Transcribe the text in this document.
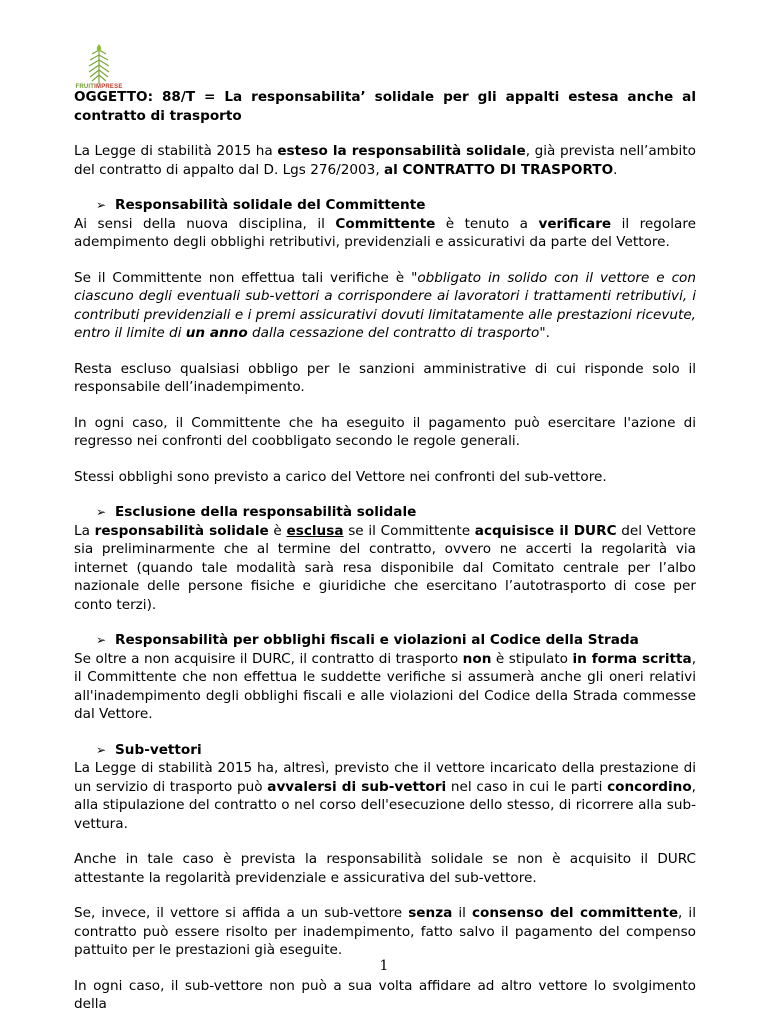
FRUITIMPRESE

OGGETTO: 88/T = La responsabilita’ solidale per gli appalti estesa anche al contratto di trasporto

La Legge di stabilità 2015 ha esteso la responsabilità solidale, già prevista nell’ambito del contratto di appalto dal D. Lgs 276/2003, al CONTRATTO DI TRASPORTO.

➢ Responsabilità solidale del Committente

Ai sensi della nuova disciplina, il Committente è tenuto a verificare il regolare adempimento degli obblighi retributivi, previdenziali e assicurativi da parte del Vettore.

Se il Committente non effettua tali verifiche è "obbligato in solido con il vettore e con ciascuno degli eventuali sub-vettori a corrispondere ai lavoratori i trattamenti retributivi, i contributi previdenziali e i premi assicurativi dovuti limitatamente alle prestazioni ricevute, entro il limite di un anno dalla cessazione del contratto di trasporto".

Resta escluso qualsiasi obbligo per le sanzioni amministrative di cui risponde solo il responsabile dell’inadempimento.

In ogni caso, il Committente che ha eseguito il pagamento può esercitare l'azione di regresso nei confronti del coobbligato secondo le regole generali.

Stessi obblighi sono previsto a carico del Vettore nei confronti del sub-vettore.

➢ Esclusione della responsabilità solidale

La responsabilità solidale è esclusa se il Committente acquisisce il DURC del Vettore sia preliminarmente che al termine del contratto, ovvero ne accerti la regolarità via internet (quando tale modalità sarà resa disponibile dal Comitato centrale per l’albo nazionale delle persone fisiche e giuridiche che esercitano l’autotrasporto di cose per conto terzi).

➢ Responsabilità per obblighi fiscali e violazioni al Codice della Strada

Se oltre a non acquisire il DURC, il contratto di trasporto non è stipulato in forma scritta, il Committente che non effettua le suddette verifiche si assumerà anche gli oneri relativi all'inadempimento degli obblighi fiscali e alle violazioni del Codice della Strada commesse dal Vettore.

➢ Sub-vettori

La Legge di stabilità 2015 ha, altresì, previsto che il vettore incaricato della prestazione di un servizio di trasporto può avvalersi di sub-vettori nel caso in cui le parti concordino, alla stipulazione del contratto o nel corso dell'esecuzione dello stesso, di ricorrere alla sub-vettura.

Anche in tale caso è prevista la responsabilità solidale se non è acquisito il DURC attestante la regolarità previdenziale e assicurativa del sub-vettore.

Se, invece, il vettore si affida a un sub-vettore senza il consenso del committente, il contratto può essere risolto per inadempimento, fatto salvo il pagamento del compenso pattuito per le prestazioni già eseguite.

In ogni caso, il sub-vettore non può a sua volta affidare ad altro vettore lo svolgimento della

1
